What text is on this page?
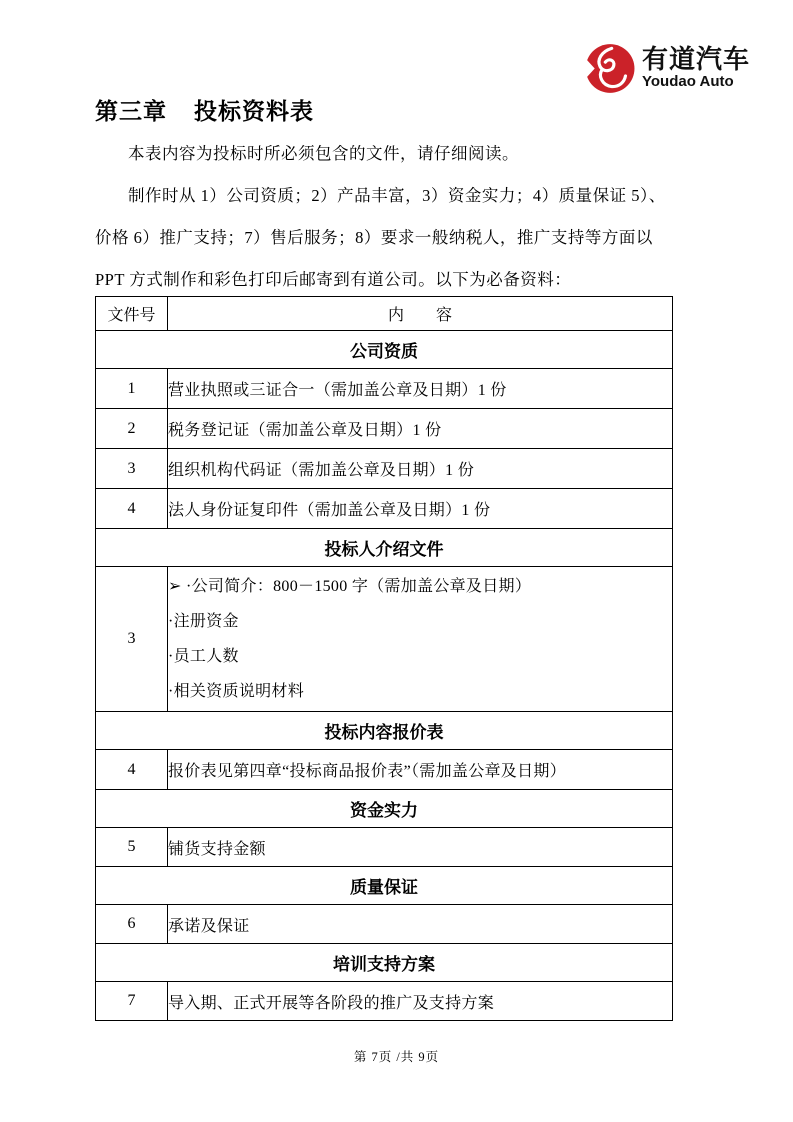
有道汽车
Youdao Auto
第三章    投标资料表
本表内容为投标时所必须包含的文件，请仔细阅读。
制作时从 1）公司资质；2）产品丰富，3）资金实力；4）质量保证 5）、
价格 6）推广支持；7）售后服务；8）要求一般纳税人，推广支持等方面以
PPT 方式制作和彩色打印后邮寄到有道公司。以下为必备资料：
文件号	内　　容
公司资质	
1	营业执照或三证合一（需加盖公章及日期）1 份
2	税务登记证（需加盖公章及日期）1 份
3	组织机构代码证（需加盖公章及日期）1 份
4	法人身份证复印件（需加盖公章及日期）1 份
投标人介绍文件	
3	➢ ·公司简介：800－1500 字（需加盖公章及日期）
·注册资金
·员工人数
·相关资质说明材料

投标内容报价表	
4	报价表见第四章“投标商品报价表”（需加盖公章及日期）
资金实力	
5	铺货支持金额
质量保证	
6	承诺及保证
培训支持方案	
7	导入期、正式开展等各阶段的推广及支持方案
第 7页 /共 9页
